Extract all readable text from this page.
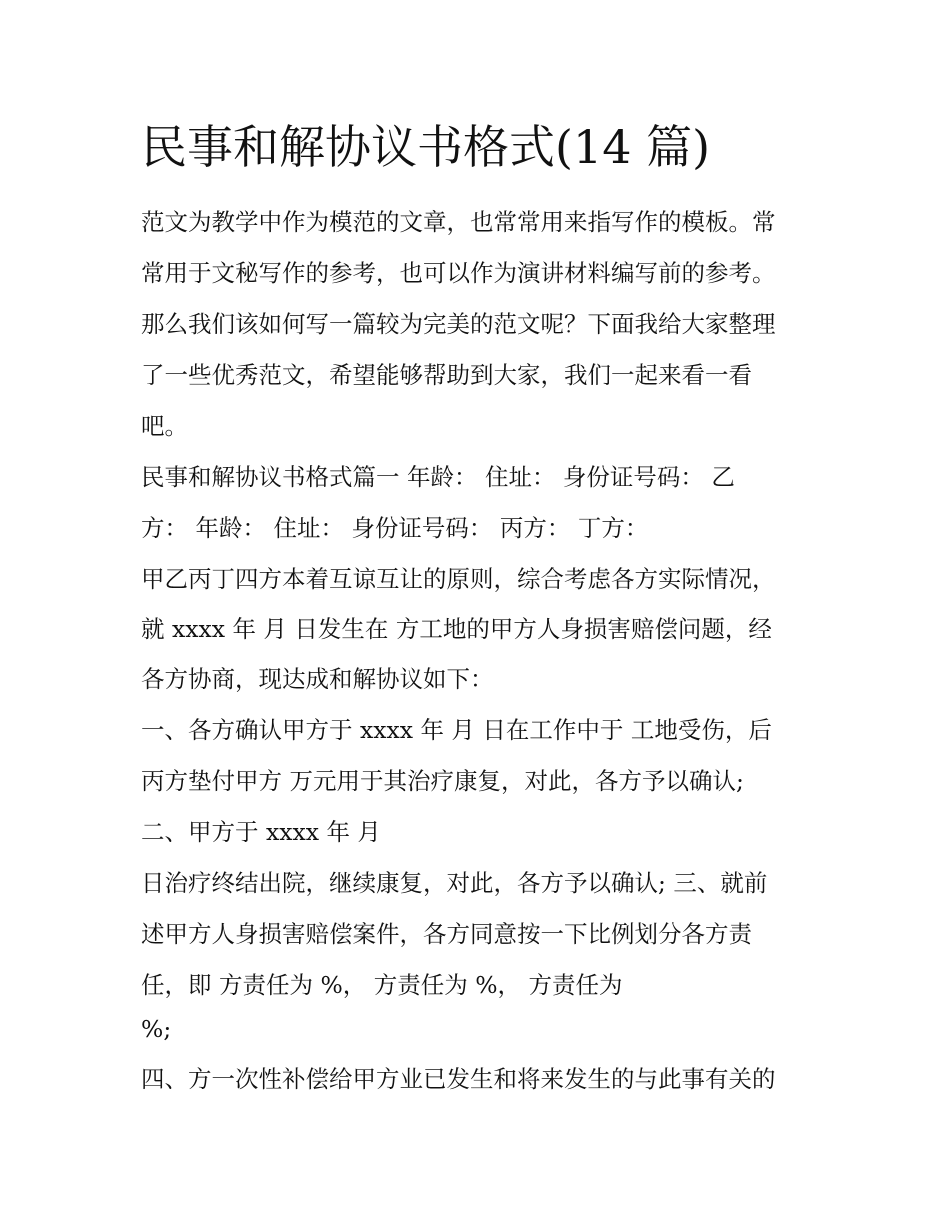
民事和解协议书格式(14 篇)

范文为教学中作为模范的文章，也常常用来指写作的模板。常

常用于文秘写作的参考，也可以作为演讲材料编写前的参考。

那么我们该如何写一篇较为完美的范文呢？下面我给大家整理

了一些优秀范文，希望能够帮助到大家，我们一起来看一看

吧。

民事和解协议书格式篇一 年龄： 住址： 身份证号码： 乙

方： 年龄： 住址： 身份证号码： 丙方： 丁方：

甲乙丙丁四方本着互谅互让的原则，综合考虑各方实际情况，

就 xxxx 年 月 日发生在 方工地的甲方人身损害赔偿问题，经

各方协商，现达成和解协议如下：

一、各方确认甲方于 xxxx 年 月 日在工作中于 工地受伤，后

丙方垫付甲方 万元用于其治疗康复，对此，各方予以确认;

二、甲方于 xxxx 年 月

日治疗终结出院，继续康复，对此，各方予以确认; 三、就前

述甲方人身损害赔偿案件，各方同意按一下比例划分各方责

任，即 方责任为 %， 方责任为 %， 方责任为

%;

四、方一次性补偿给甲方业已发生和将来发生的与此事有关的
